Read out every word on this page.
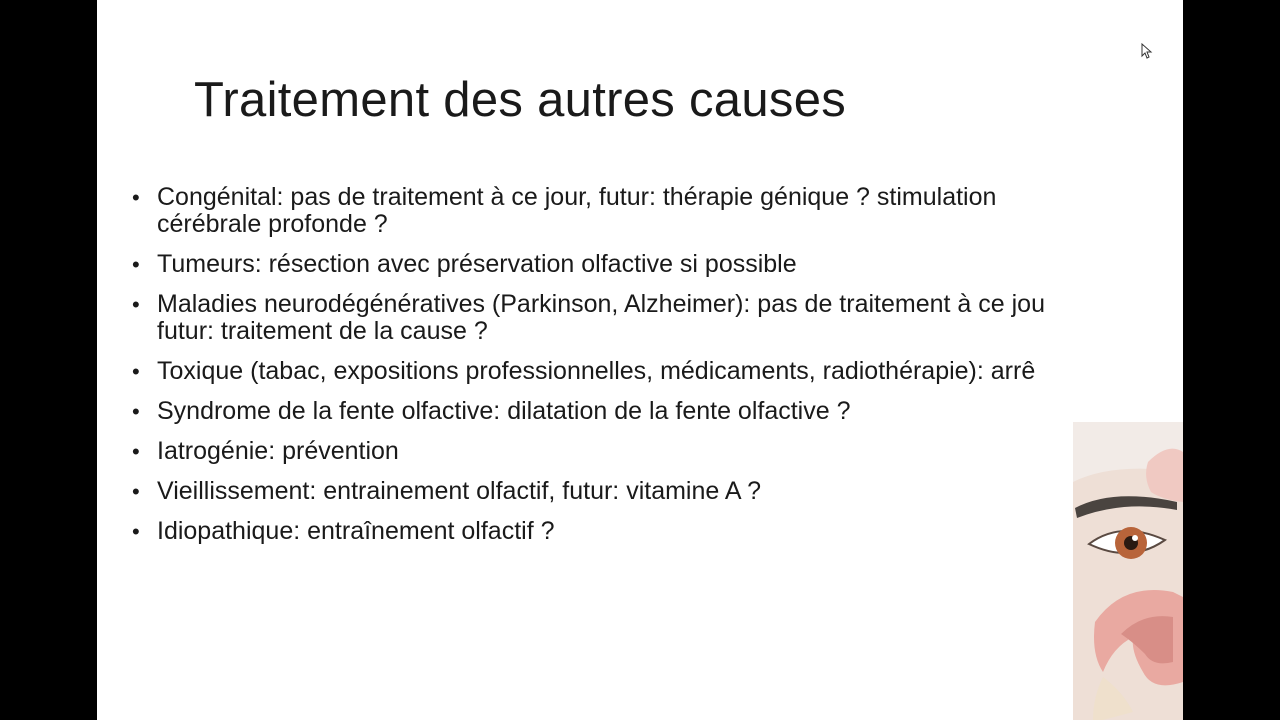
Traitement des autres causes
• Congénital: pas de traitement à ce jour, futur: thérapie génique ? stimulation
cérébrale profonde ?
• Tumeurs: résection avec préservation olfactive si possible
• Maladies neurodégénératives (Parkinson, Alzheimer): pas de traitement à ce jou
futur: traitement de la cause ?
• Toxique (tabac, expositions professionnelles, médicaments, radiothérapie): arrê
• Syndrome de la fente olfactive: dilatation de la fente olfactive ?
• Iatrogénie: prévention
• Vieillissement: entrainement olfactif, futur: vitamine A ?
• Idiopathique: entraînement olfactif ?
